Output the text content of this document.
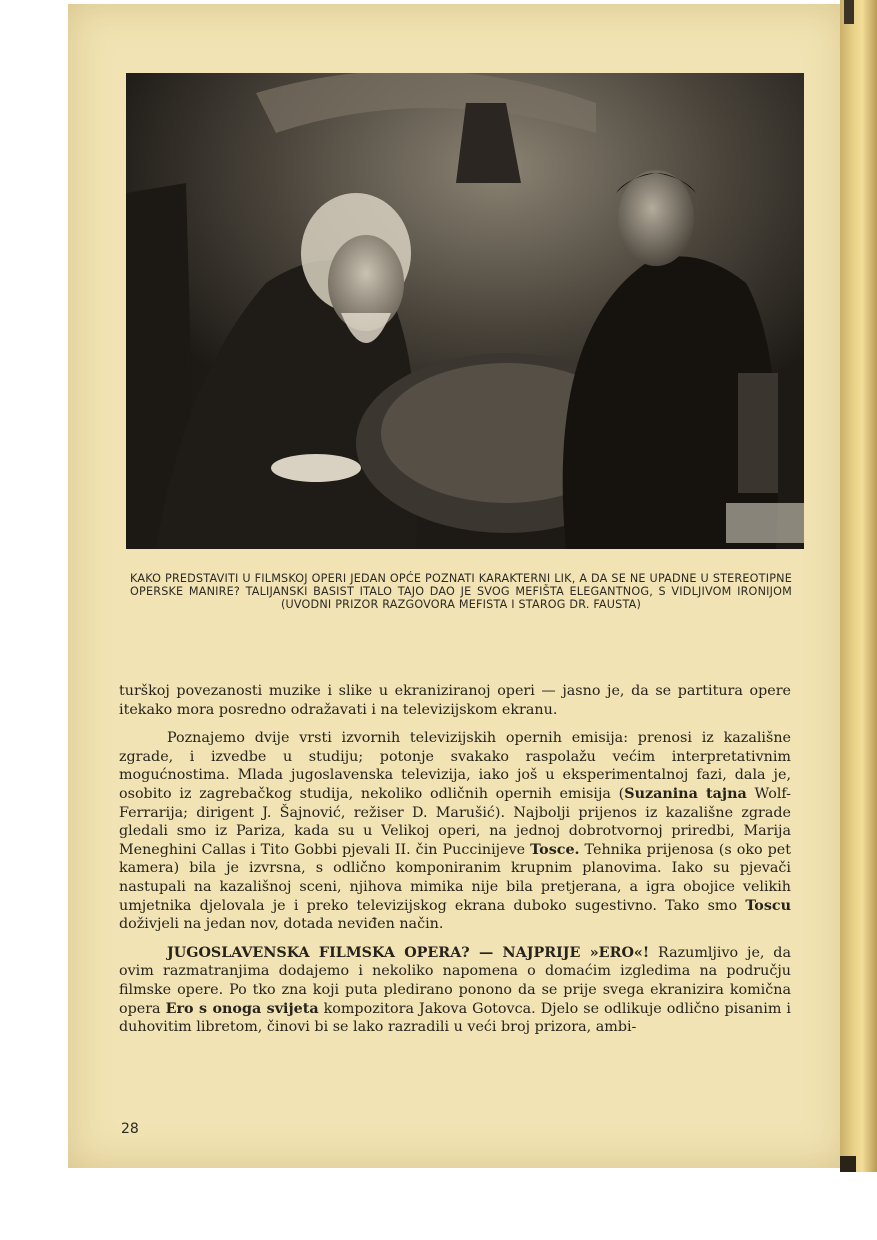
KAKO PREDSTAVITI U FILMSKOJ OPERI JEDAN OPĆE POZNATI KARAKTERNI LIK, A DA SE NE UPADNE U STEREOTIPNE OPERSKE MANIRE? TALIJANSKI BASIST ITALO TAJO DAO JE SVOG MEFIŠTA ELEGANTNOG, S VIDLJIVOM IRONIJOM (UVODNI PRIZOR RAZGOVORA MEFISTA I STAROG DR. FAUSTA)

turškoj povezanosti muzike i slike u ekraniziranoj operi — jasno je, da se partitura opere itekako mora posredno odražavati i na televizijskom ekranu.

Poznajemo dvije vrsti izvornih televizijskih opernih emisija: prenosi iz kazališne zgrade, i izvedbe u studiju; potonje svakako raspolažu većim interpretativnim mogućnostima. Mlada jugoslavenska televizija, iako još u eksperimentalnoj fazi, dala je, osobito iz zagrebačkog studija, nekoliko odličnih opernih emisija (Suzanina tajna Wolf-Ferrarija; dirigent J. Šajnović, režiser D. Marušić). Najbolji prijenos iz kazališne zgrade gledali smo iz Pariza, kada su u Velikoj operi, na jednoj dobrotvornoj priredbi, Marija Meneghini Callas i Tito Gobbi pjevali II. čin Puccinijeve Tosce. Tehnika prijenosa (s oko pet kamera) bila je izvrsna, s odlično komponiranim krupnim planovima. Iako su pjevači nastupali na kazališnoj sceni, njihova mimika nije bila pretjerana, a igra obojice velikih umjetnika djelovala je i preko televizijskog ekrana duboko sugestivno. Tako smo Toscu doživjeli na jedan nov, dotada neviđen način.

JUGOSLAVENSKA FILMSKA OPERA? — NAJPRIJE »ERO«! Razumljivo je, da ovim razmatranjima dodajemo i nekoliko napomena o domaćim izgledima na području filmske opere. Po tko zna koji puta pledirano ponono da se prije svega ekranizira komična opera Ero s onoga svijeta kompozitora Jakova Gotovca. Djelo se odlikuje odlično pisanim i duhovitim libretom, činovi bi se lako razradili u veći broj prizora, ambi-

28
